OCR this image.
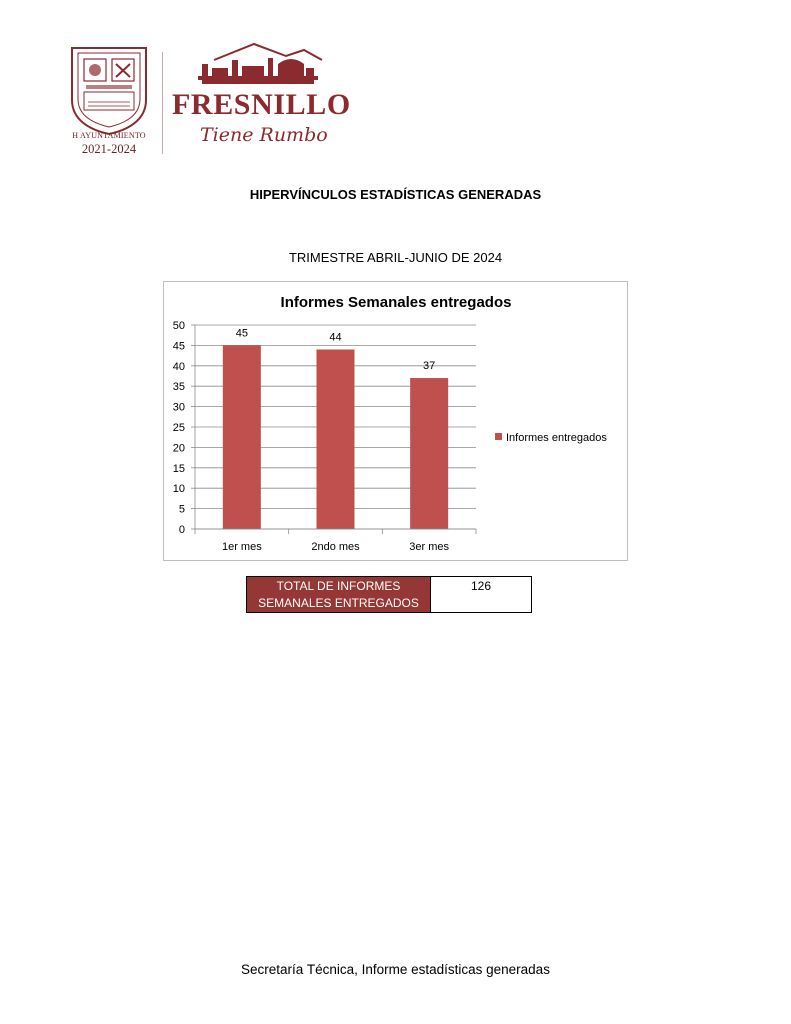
H AYUNTAMIENTO
2021-2024
FRESNILLO
Tiene Rumbo
HIPERVÍNCULOS ESTADÍSTICAS GENERADAS
TRIMESTRE ABRIL-JUNIO DE 2024
Informes Semanales entregados
0
5
10
15
20
25
30
35
40
45
50
45
1er mes
44
2ndo mes
37
3er mes
Informes entregados
TOTAL DE INFORMES SEMANALES ENTREGADOS
126
Secretaría Técnica, Informe estadísticas generadas
